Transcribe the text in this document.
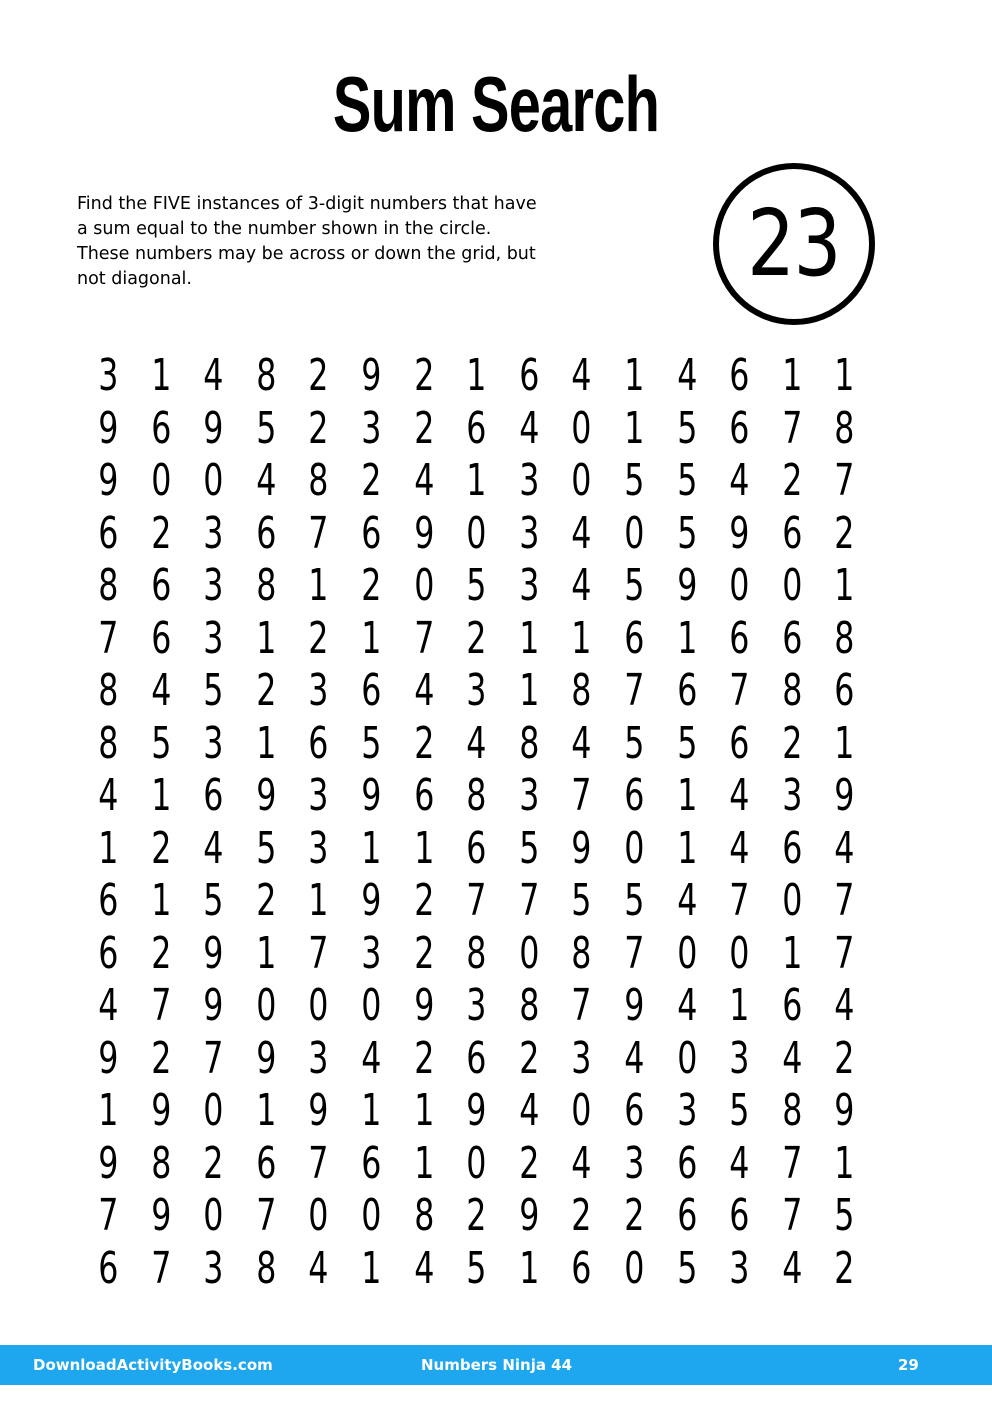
Sum Search
Find the FIVE instances of 3-digit numbers that have a sum equal to the number shown in the circle. These numbers may be across or down the grid, but not diagonal.	23
3 1 4 8 2 9 2 1 6 4 1 4 6 1 1
9 6 9 5 2 3 2 6 4 0 1 5 6 7 8
9 0 0 4 8 2 4 1 3 0 5 5 4 2 7
6 2 3 6 7 6 9 0 3 4 0 5 9 6 2
8 6 3 8 1 2 0 5 3 4 5 9 0 0 1
7 6 3 1 2 1 7 2 1 1 6 1 6 6 8
8 4 5 2 3 6 4 3 1 8 7 6 7 8 6
8 5 3 1 6 5 2 4 8 4 5 5 6 2 1
4 1 6 9 3 9 6 8 3 7 6 1 4 3 9
1 2 4 5 3 1 1 6 5 9 0 1 4 6 4
6 1 5 2 1 9 2 7 7 5 5 4 7 0 7
6 2 9 1 7 3 2 8 0 8 7 0 0 1 7
4 7 9 0 0 0 9 3 8 7 9 4 1 6 4
9 2 7 9 3 4 2 6 2 3 4 0 3 4 2
1 9 0 1 9 1 1 9 4 0 6 3 5 8 9
9 8 2 6 7 6 1 0 2 4 3 6 4 7 1
7 9 0 7 0 0 8 2 9 2 2 6 6 7 5
6 7 3 8 4 1 4 5 1 6 0 5 3 4 2
DownloadActivityBooks.com	Numbers Ninja 44	29
